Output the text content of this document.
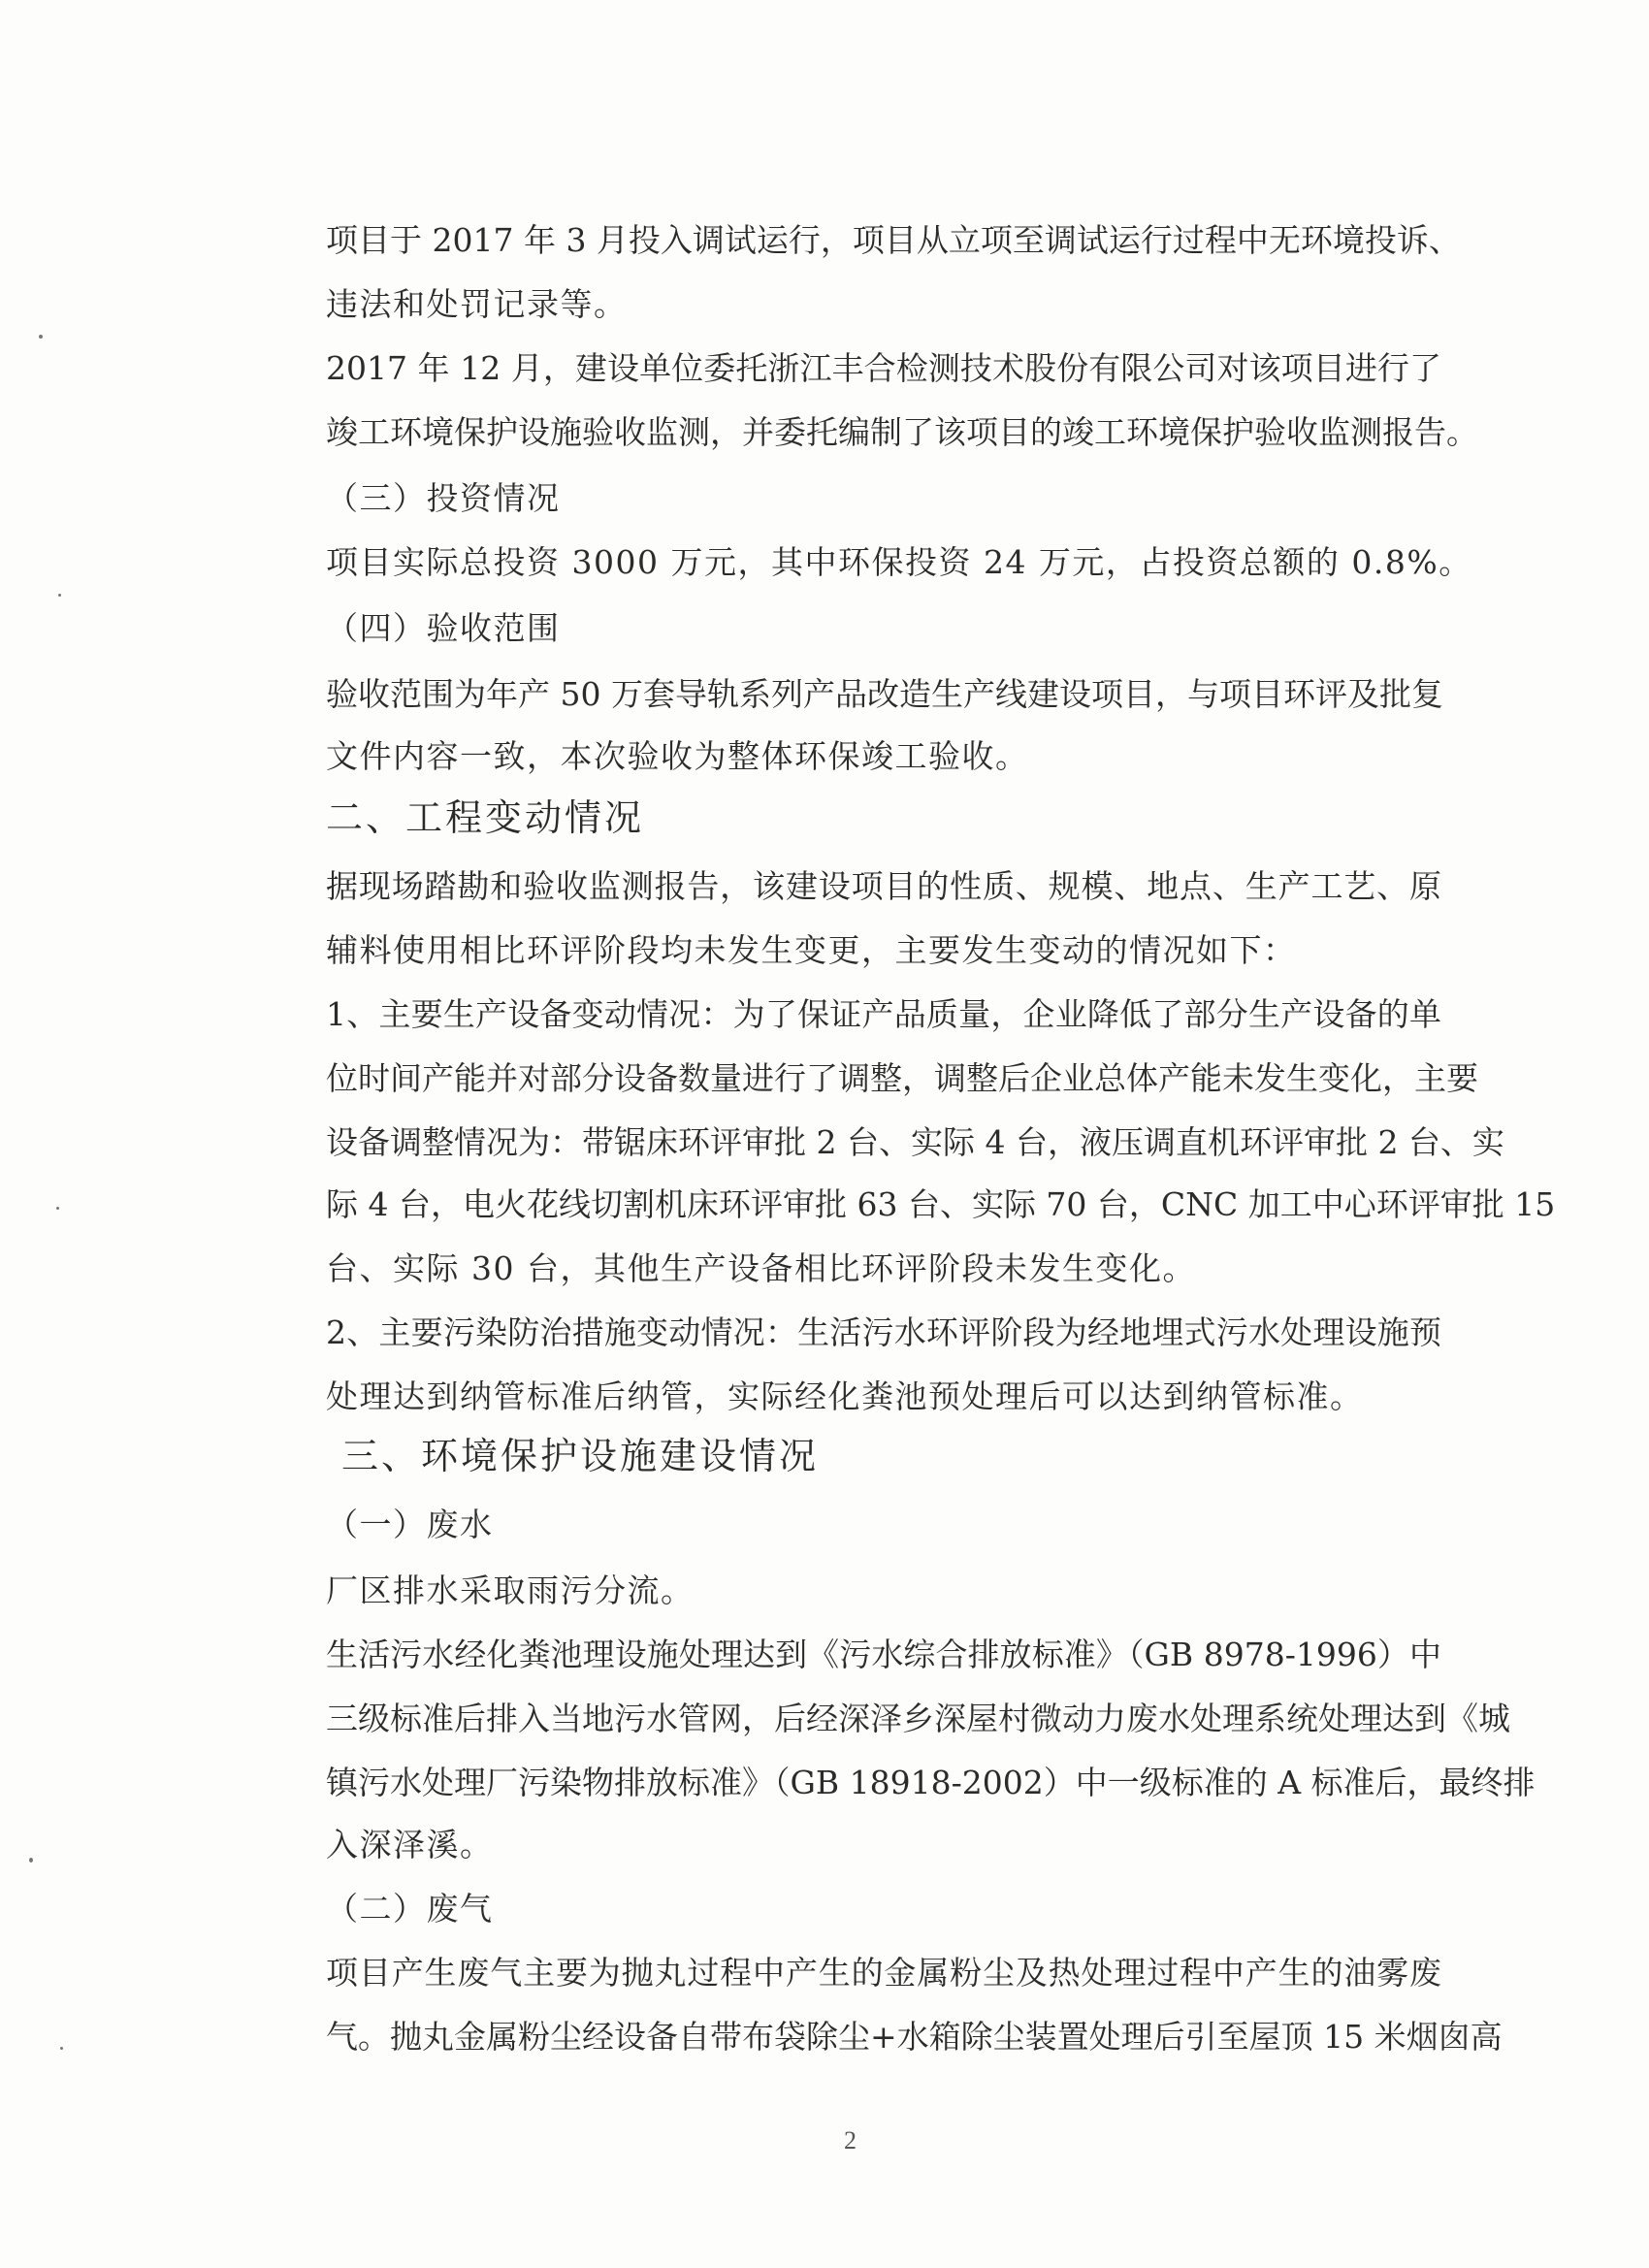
项目于 2017 年 3 月投入调试运行，项目从立项至调试运行过程中无环境投诉、
违法和处罚记录等。
2017 年 12 月，建设单位委托浙江丰合检测技术股份有限公司对该项目进行了
竣工环境保护设施验收监测，并委托编制了该项目的竣工环境保护验收监测报告。
（三）投资情况
项目实际总投资 3000 万元，其中环保投资 24 万元，占投资总额的 0.8%。
（四）验收范围
验收范围为年产 50 万套导轨系列产品改造生产线建设项目，与项目环评及批复
文件内容一致，本次验收为整体环保竣工验收。
二、工程变动情况
据现场踏勘和验收监测报告，该建设项目的性质、规模、地点、生产工艺、原
辅料使用相比环评阶段均未发生变更，主要发生变动的情况如下：
1、主要生产设备变动情况：为了保证产品质量，企业降低了部分生产设备的单
位时间产能并对部分设备数量进行了调整，调整后企业总体产能未发生变化，主要
设备调整情况为：带锯床环评审批 2 台、实际 4 台，液压调直机环评审批 2 台、实
际 4 台，电火花线切割机床环评审批 63 台、实际 70 台，CNC 加工中心环评审批 15
台、实际 30 台，其他生产设备相比环评阶段未发生变化。
2、主要污染防治措施变动情况：生活污水环评阶段为经地埋式污水处理设施预
处理达到纳管标准后纳管，实际经化粪池预处理后可以达到纳管标准。
三、环境保护设施建设情况
（一）废水
厂区排水采取雨污分流。
生活污水经化粪池理设施处理达到《污水综合排放标准》（GB 8978-1996）中
三级标准后排入当地污水管网，后经深泽乡深屋村微动力废水处理系统处理达到《城
镇污水处理厂污染物排放标准》（GB 18918-2002）中一级标准的 A 标准后，最终排
入深泽溪。
（二）废气
项目产生废气主要为抛丸过程中产生的金属粉尘及热处理过程中产生的油雾废
气。抛丸金属粉尘经设备自带布袋除尘+水箱除尘装置处理后引至屋顶 15 米烟囱高
2
